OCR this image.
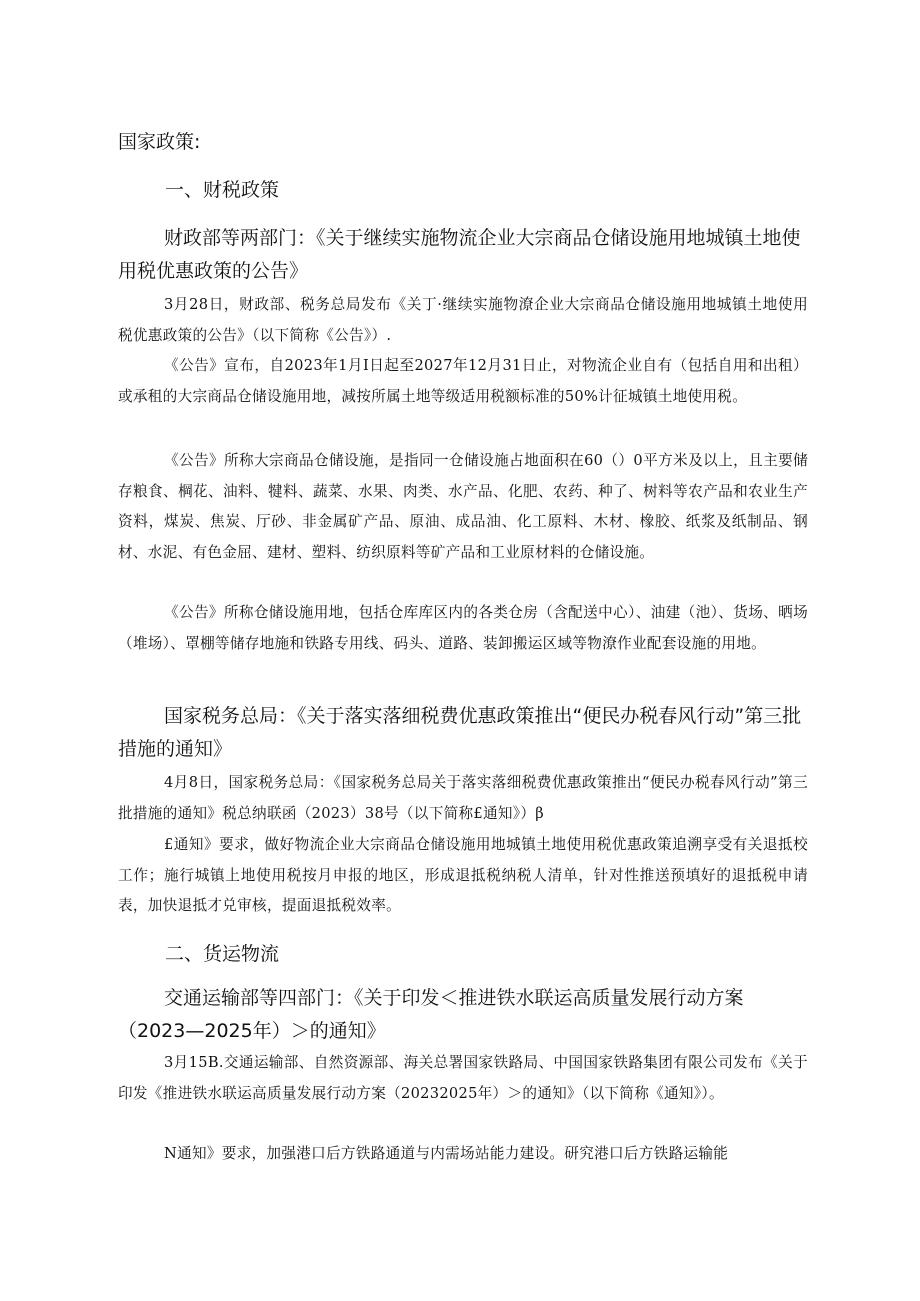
国家政策:
一、财税政策

财政部等两部门：《关于继续实施物流企业大宗商品仓储设施用地城镇土地使用税优惠政策的公告》

3月28日，财政部、税务总局发布《关丁·继续实施物潦企业大宗商品仓储设施用地城镇土地使用税优惠政策的公告》（以下简称《公告》）.

《公告》宣布，自2023年1月I日起至2027年12月31日止，对物流企业自有（包括自用和出租）或承租的大宗商品仓储设施用地，减按所属土地等级适用税额标准的50%计征城镇土地使用税。

《公告》所称大宗商品仓储设施，是指同一仓储设施占地面积在60（）0平方米及以上，且主要储存粮食、棡花、油料、犍料、蔬菜、水果、肉类、水产品、化肥、农药、种了、树料等农产品和农业生产资料，煤炭、焦炭、厅砂、非金属矿产品、原油、成品油、化工原料、木材、橡胶、纸浆及纸制品、钢材、水泥、有色金屈、建材、塑料、纺织原料等矿产品和工业原材料的仓储设施。

《公告》所称仓储设施用地，包括仓库库区内的各类仓房（含配送中心）、油建（池）、货场、晒场（堆场）、罩棚等储存地施和铁路专用线、码头、道路、装卸搬运区域等物潦作业配套设施的用地。

国家税务总局：《关于落实落细税费优惠政策推出“便民办税春风行动”第三批措施的通知》

4月8日，国家税务总局：《国家税务总局关于落实落细税费优惠政策推出“便民办税春风行动”第三批措施的通知》税总纳联函（2023）38号（以下简称£通知》）β

£通知》要求，做好物流企业大宗商品仓储设施用地城镇土地使用税优惠政策追溯享受有关退抵校工作；施行城镇上地使用税按月申报的地区，形成退抵税纳税人清单，针对性推送预填好的退抵税申请表，加快退抵才兑审核，提面退抵税效率。

二、货运物流

交通运输部等四部门：《关于印发＜推进铁水联运高质量发展行动方案（2023—2025年）＞的通知》

3月15B.交通运输部、自然资源部、海关总署国家铁路局、中国国家铁路集团有限公司发布《关于印发《推进铁水联运高质量发展行动方案（20232025年）＞的通知》（以下简称《通知》）。

N通知》要求，加强港口后方铁路通道与内需场站能力建设。研究港口后方铁路运输能
